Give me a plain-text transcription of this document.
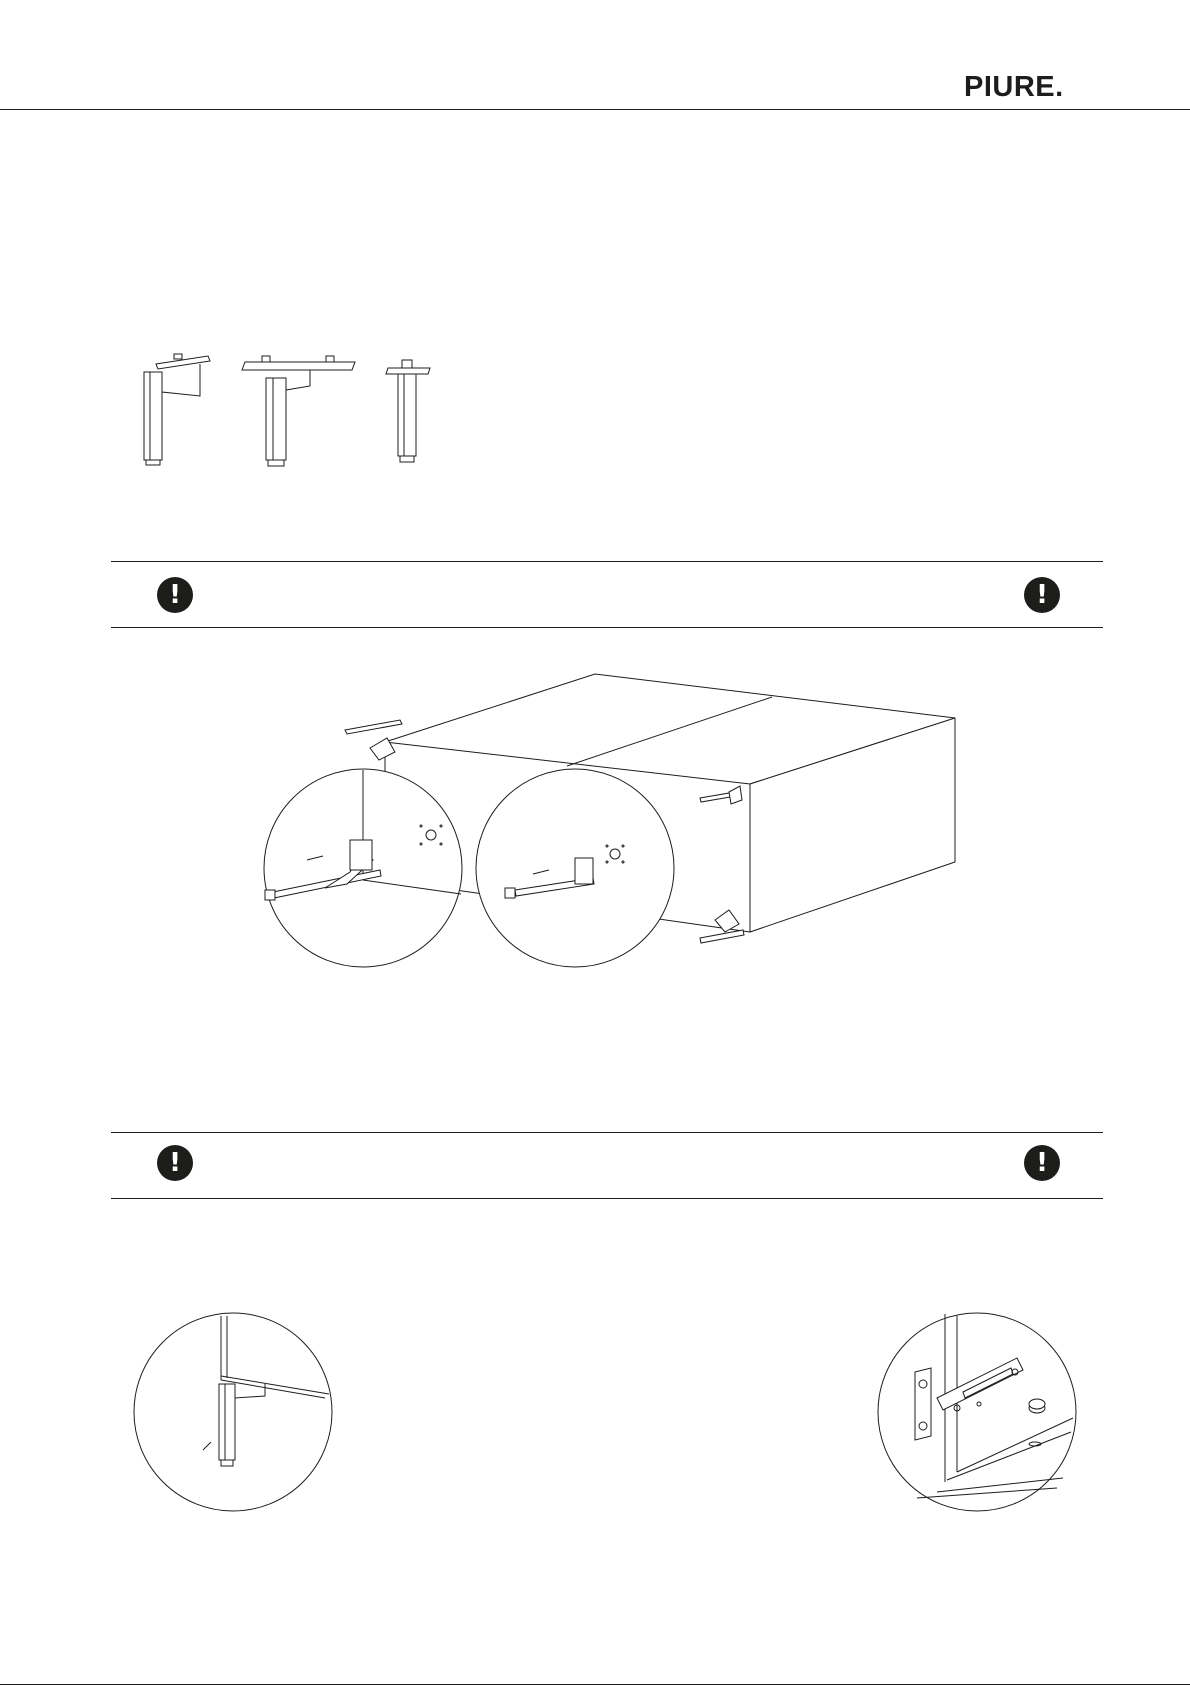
PIURE.
!	!
!	!
